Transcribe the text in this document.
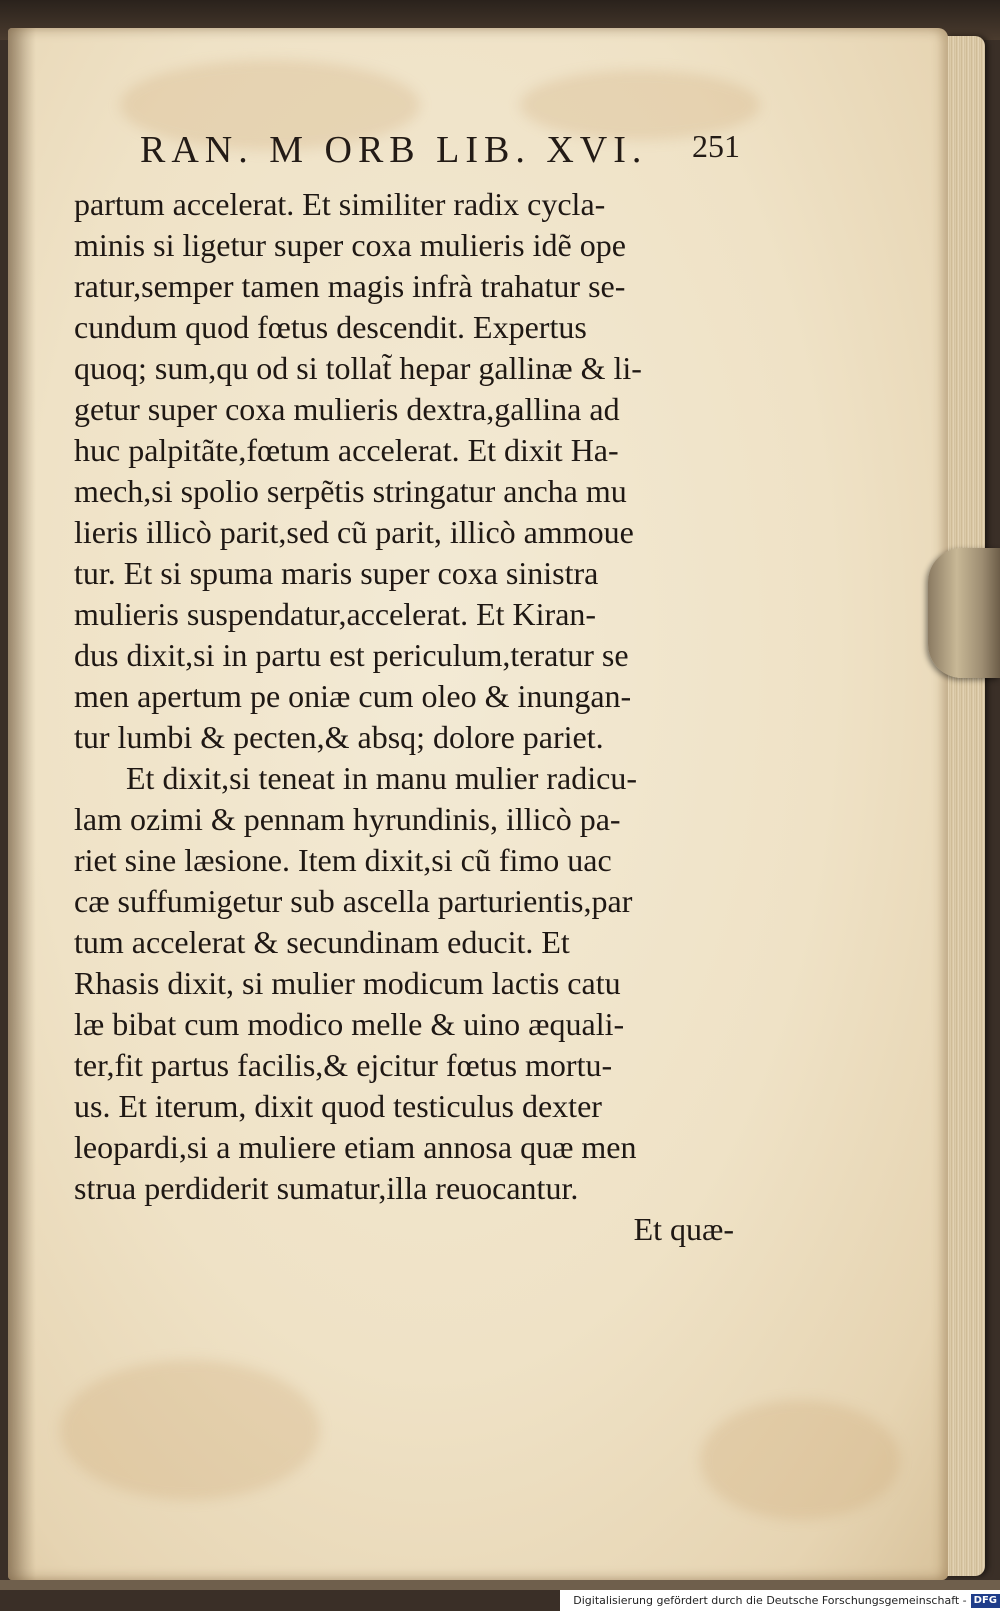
RAN. M ORB LIB. XVI. 251
partum accelerat. Et similiter radix cycla-
minis si ligetur super coxa mulieris idẽ ope
ratur,semper tamen magis infrà trahatur se-
cundum quod fœtus descendit. Expertus
quoq; sum,qu od si tollat̃ hepar gallinæ & li-
getur super coxa mulieris dextra,gallina ad
huc palpitãte,fœtum accelerat. Et dixit Ha-
mech,si spolio serpẽtis stringatur ancha mu
lieris illicò parit,sed cũ parit, illicò ammoue
tur. Et si spuma maris super coxa sinistra
mulieris suspendatur,accelerat. Et Kiran-
dus dixit,si in partu est periculum,teratur se
men apertum pe oniæ cum oleo & inungan-
tur lumbi & pecten,& absq; dolore pariet.
Et dixit,si teneat in manu mulier radicu-
lam ozimi & pennam hyrundinis, illicò pa-
riet sine læsione. Item dixit,si cũ fimo uac
cæ suffumigetur sub ascella parturientis,par
tum accelerat & secundinam educit. Et
Rhasis dixit, si mulier modicum lactis catu
læ bibat cum modico melle & uino æquali-
ter,fit partus facilis,& ejcitur fœtus mortu-
us. Et iterum, dixit quod testiculus dexter
leopardi,si a muliere etiam annosa quæ men
strua perdiderit sumatur,illa reuocantur.
Et quæ-
Digitalisierung gefördert durch die Deutsche Forschungsgemeinschaft - DFG
